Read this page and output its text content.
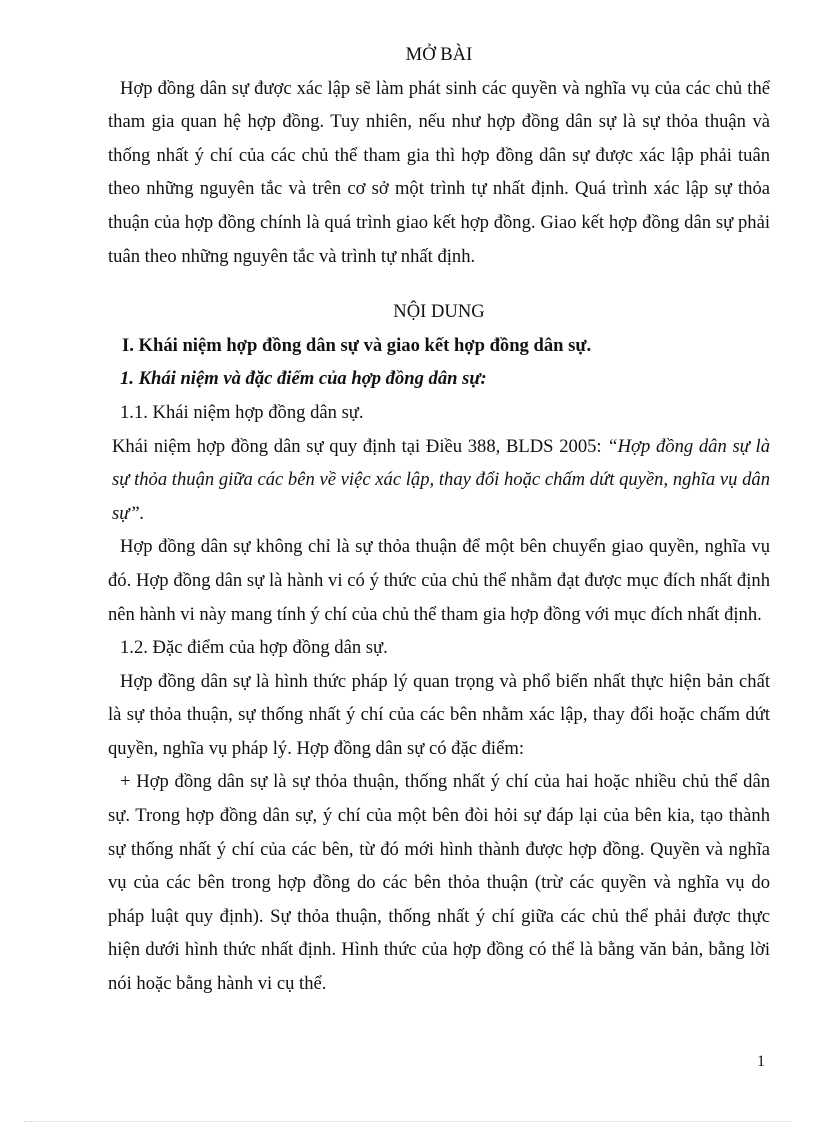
MỞ BÀI

Hợp đồng dân sự được xác lập sẽ làm phát sinh các quyền và nghĩa vụ của các chủ thể tham gia quan hệ hợp đồng. Tuy nhiên, nếu như hợp đồng dân sự là sự thỏa thuận và thống nhất ý chí của các chủ thể tham gia thì hợp đồng dân sự được xác lập phải tuân theo những nguyên tắc và trên cơ sở một trình tự nhất định. Quá trình xác lập sự thỏa thuận của hợp đồng chính là quá trình giao kết hợp đồng. Giao kết hợp đồng dân sự phải tuân theo những nguyên tắc và trình tự nhất định.

NỘI DUNG

I. Khái niệm hợp đồng dân sự và giao kết hợp đồng dân sự.

1. Khái niệm và đặc điểm của hợp đồng dân sự:

1.1. Khái niệm hợp đồng dân sự.

Khái niệm hợp đồng dân sự quy định tại Điều 388, BLDS 2005: “Hợp đồng dân sự là sự thỏa thuận giữa các bên về việc xác lập, thay đổi hoặc chấm dứt quyền, nghĩa vụ dân sự”.

Hợp đồng dân sự không chỉ là sự thỏa thuận để một bên chuyển giao quyền, nghĩa vụ đó. Hợp đồng dân sự là hành vi có ý thức của chủ thể nhằm đạt được mục đích nhất định nên hành vi này mang tính ý chí của chủ thể tham gia hợp đồng với mục đích nhất định.

1.2. Đặc điểm của hợp đồng dân sự.

Hợp đồng dân sự là hình thức pháp lý quan trọng và phổ biến nhất thực hiện bản chất là sự thỏa thuận, sự thống nhất ý chí của các bên nhằm xác lập, thay đổi hoặc chấm dứt quyền, nghĩa vụ pháp lý. Hợp đồng dân sự có đặc điểm:

+ Hợp đồng dân sự là sự thỏa thuận, thống nhất ý chí của hai hoặc nhiều chủ thể dân sự. Trong hợp đồng dân sự, ý chí của một bên đòi hỏi sự đáp lại của bên kia, tạo thành sự thống nhất ý chí của các bên, từ đó mới hình thành được hợp đồng. Quyền và nghĩa vụ của các bên trong hợp đồng do các bên thỏa thuận (trừ các quyền và nghĩa vụ do pháp luật quy định). Sự thỏa thuận, thống nhất ý chí giữa các chủ thể phải được thực hiện dưới hình thức nhất định. Hình thức của hợp đồng có thể là bằng văn bản, bằng lời nói hoặc bằng hành vi cụ thể.

1
